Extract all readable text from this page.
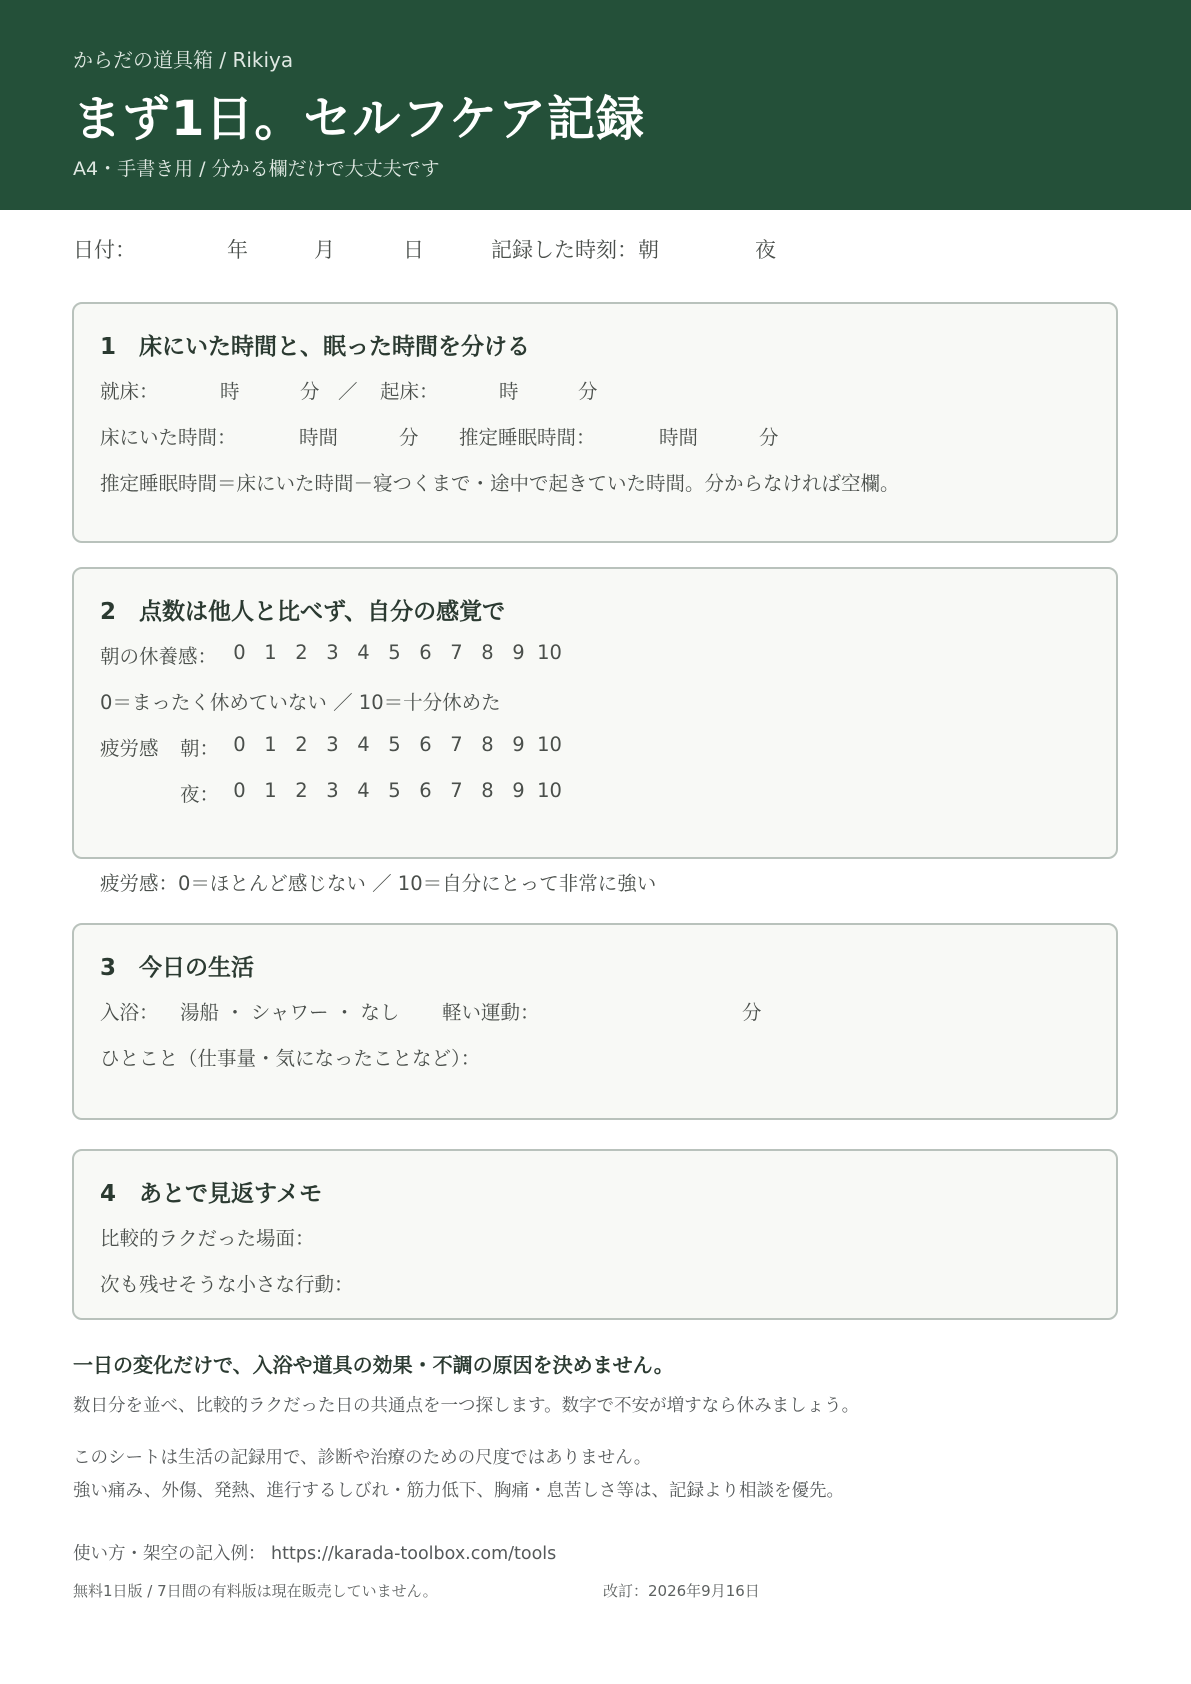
からだの道具箱 / Rikiya
まず1日。セルフケア記録
A4・手書き用 / 分かる欄だけで大丈夫です
日付：	年	月	日	記録した時刻：朝	夜
1　床にいた時間と、眠った時間を分ける
就床：	時	分 ／ 起床：	時	分
床にいた時間：	時間	分 推定睡眠時間：	時間	分
推定睡眠時間＝床にいた時間－寝つくまで・途中で起きていた時間。分からなければ空欄。
2　点数は他人と比べず、自分の感覚で
朝の休養感： 0 1 2 3 4 5 6 7 8 9 10
0＝まったく休めていない ／ 10＝十分休めた
疲労感 朝： 0 1 2 3 4 5 6 7 8 9 10
夜： 0 1 2 3 4 5 6 7 8 9 10
疲労感：0＝ほとんど感じない ／ 10＝自分にとって非常に強い
3　今日の生活
入浴： 湯船 ・ シャワー ・ なし 軽い運動：	分
ひとこと（仕事量・気になったことなど）：
4　あとで見返すメモ
比較的ラクだった場面：
次も残せそうな小さな行動：
一日の変化だけで、入浴や道具の効果・不調の原因を決めません。
数日分を並べ、比較的ラクだった日の共通点を一つ探します。数字で不安が増すなら休みましょう。
このシートは生活の記録用で、診断や治療のための尺度ではありません。
強い痛み、外傷、発熱、進行するしびれ・筋力低下、胸痛・息苦しさ等は、記録より相談を優先。
使い方・架空の記入例： https://karada-toolbox.com/tools
無料1日版 / 7日間の有料版は現在販売していません。	改訂：2026年9月16日
